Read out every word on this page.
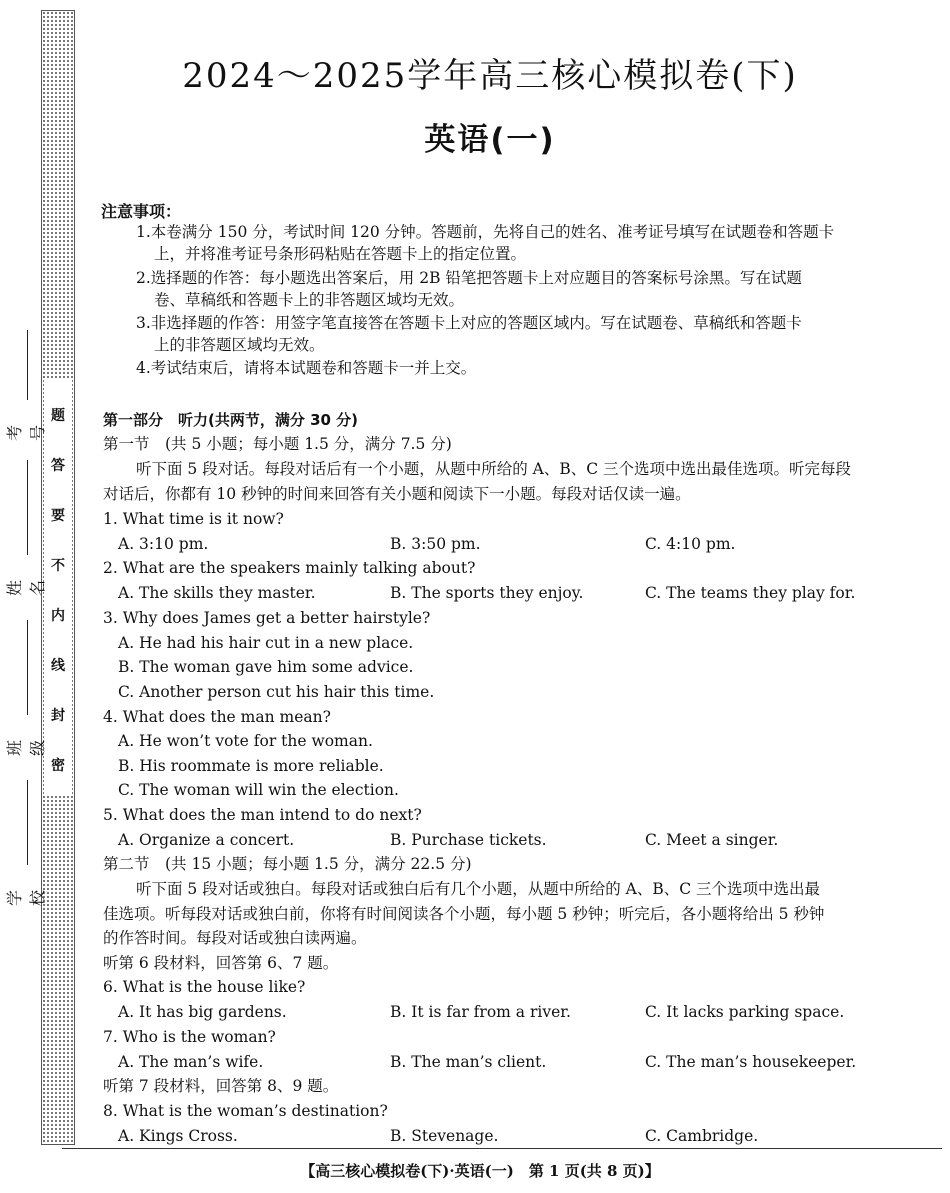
题
答
要
不
内
线
封
密
考号
姓名
班级
学校
2024～2025学年高三核心模拟卷(下)
英语(一)
注意事项：
1.本卷满分 150 分，考试时间 120 分钟。答题前，先将自己的姓名、准考证号填写在试题卷和答题卡
上，并将准考证号条形码粘贴在答题卡上的指定位置。
2.选择题的作答：每小题选出答案后，用 2B 铅笔把答题卡上对应题目的答案标号涂黑。写在试题
卷、草稿纸和答题卡上的非答题区域均无效。
3.非选择题的作答：用签字笔直接答在答题卡上对应的答题区域内。写在试题卷、草稿纸和答题卡
上的非答题区域均无效。
4.考试结束后，请将本试题卷和答题卡一并上交。
第一部分　听力(共两节，满分 30 分)
第一节　(共 5 小题；每小题 1.5 分，满分 7.5 分)
听下面 5 段对话。每段对话后有一个小题，从题中所给的 A、B、C 三个选项中选出最佳选项。听完每段
对话后，你都有 10 秒钟的时间来回答有关小题和阅读下一小题。每段对话仅读一遍。
1. What time is it now?
A. 3:10 pm.	B. 3:50 pm.	C. 4:10 pm.
2. What are the speakers mainly talking about?
A. The skills they master.	B. The sports they enjoy.	C. The teams they play for.
3. Why does James get a better hairstyle?
A. He had his hair cut in a new place.
B. The woman gave him some advice.
C. Another person cut his hair this time.
4. What does the man mean?
A. He won’t vote for the woman.
B. His roommate is more reliable.
C. The woman will win the election.
5. What does the man intend to do next?
A. Organize a concert.	B. Purchase tickets.	C. Meet a singer.
第二节　(共 15 小题；每小题 1.5 分，满分 22.5 分)
听下面 5 段对话或独白。每段对话或独白后有几个小题，从题中所给的 A、B、C 三个选项中选出最
佳选项。听每段对话或独白前，你将有时间阅读各个小题，每小题 5 秒钟；听完后，各小题将给出 5 秒钟
的作答时间。每段对话或独白读两遍。
听第 6 段材料，回答第 6、7 题。
6. What is the house like?
A. It has big gardens.	B. It is far from a river.	C. It lacks parking space.
7. Who is the woman?
A. The man’s wife.	B. The man’s client.	C. The man’s housekeeper.
听第 7 段材料，回答第 8、9 题。
8. What is the woman’s destination?
A. Kings Cross.	B. Stevenage.	C. Cambridge.
【高三核心模拟卷(下)·英语(一)　第 1 页(共 8 页)】
